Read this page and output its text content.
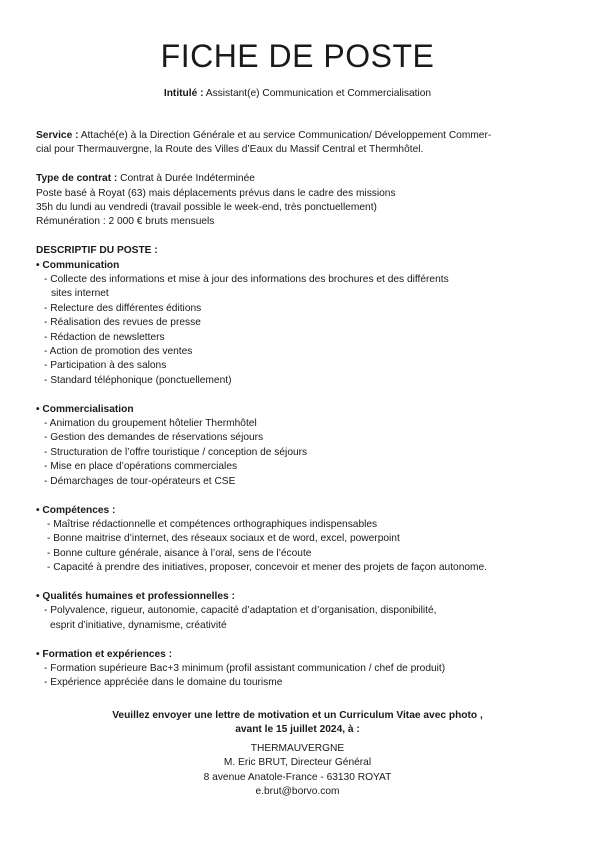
FICHE DE POSTE
Intitulé : Assistant(e) Communication et Commercialisation
Service : Attaché(e) à la Direction Générale et au service Communication/ Développement Commer-
cial pour Thermauvergne, la Route des Villes d’Eaux du Massif Central et Thermhôtel.
Type de contrat : Contrat à Durée Indéterminée
Poste basé à Royat (63) mais déplacements prévus dans le cadre des missions
35h du lundi au vendredi (travail possible le week-end, très ponctuellement)
Rémunération : 2 000 € bruts mensuels
DESCRIPTIF DU POSTE :
• Communication
- Collecte des informations et mise à jour des informations des brochures et des différents
sites internet
- Relecture des différentes éditions
- Réalisation des revues de presse
- Rédaction de newsletters
- Action de promotion des ventes
- Participation à des salons
- Standard téléphonique (ponctuellement)
• Commercialisation
- Animation du groupement hôtelier Thermhôtel
- Gestion des demandes de réservations séjours
- Structuration de l’offre touristique / conception de séjours
- Mise en place d’opérations commerciales
- Démarchages de tour-opérateurs et CSE
• Compétences :
- Maîtrise rédactionnelle et compétences orthographiques indispensables
- Bonne maitrise d’internet, des réseaux sociaux et de word, excel, powerpoint
- Bonne culture générale, aisance à l’oral, sens de l’écoute
- Capacité à prendre des initiatives, proposer, concevoir et mener des projets de façon autonome.
• Qualités humaines et professionnelles :
- Polyvalence, rigueur, autonomie, capacité d’adaptation et d’organisation, disponibilité,
esprit d’initiative, dynamisme, créativité
• Formation et expériences :
- Formation supérieure Bac+3 minimum (profil assistant communication / chef de produit)
- Expérience appréciée dans le domaine du tourisme
Veuillez envoyer une lettre de motivation et un Curriculum Vitae avec photo ,
avant le 15 juillet 2024, à :
THERMAUVERGNE
M. Eric BRUT, Directeur Général
8 avenue Anatole-France - 63130 ROYAT
e.brut@borvo.com
